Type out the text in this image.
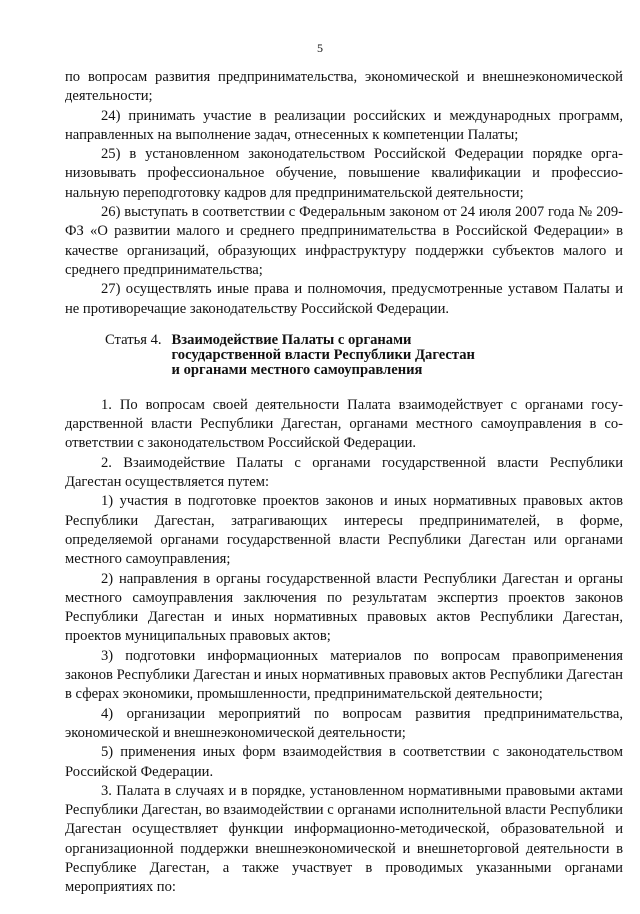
5

по вопросам развития предпринимательства, экономической и внешнеэкономической деятельности;

24) принимать участие в реализации российских и международных программ, направленных на выполнение задач, отнесенных к компетенции Палаты;

25) в установленном законодательством Российской Федерации порядке организовывать профессиональное обучение, повышение квалификации и профессиональную переподготовку кадров для предпринимательской деятельности;

26) выступать в соответствии с Федеральным законом от 24 июля 2007 года № 209-ФЗ «О развитии малого и среднего предпринимательства в Российской Федерации» в качестве организаций, образующих инфраструктуру поддержки субъектов малого и среднего предпринимательства;

27) осуществлять иные права и полномочия, предусмотренные уставом Палаты и не противоречащие законодательству Российской Федерации.

Статья 4. Взаимодействие Палаты с органами
государственной власти Республики Дагестан
и органами местного самоуправления

1. По вопросам своей деятельности Палата взаимодействует с органами государственной власти Республики Дагестан, органами местного самоуправления в соответствии с законодательством Российской Федерации.

2. Взаимодействие Палаты с органами государственной власти Республики Дагестан осуществляется путем:

1) участия в подготовке проектов законов и иных нормативных правовых актов Республики Дагестан, затрагивающих интересы предпринимателей, в форме, определяемой органами государственной власти Республики Дагестан или органами местного самоуправления;

2) направления в органы государственной власти Республики Дагестан и органы местного самоуправления заключения по результатам экспертиз проектов законов Республики Дагестан и иных нормативных правовых актов Республики Дагестан, проектов муниципальных правовых актов;

3) подготовки информационных материалов по вопросам правоприменения законов Республики Дагестан и иных нормативных правовых актов Республики Дагестан в сферах экономики, промышленности, предпринимательской деятельности;

4) организации мероприятий по вопросам развития предпринимательства, экономической и внешнеэкономической деятельности;

5) применения иных форм взаимодействия в соответствии с законодательством Российской Федерации.

3. Палата в случаях и в порядке, установленном нормативными правовыми актами Республики Дагестан, во взаимодействии с органами исполнительной власти Республики Дагестан осуществляет функции информационно-методической, образовательной и организационной поддержки внешнеэкономической и внешнеторговой деятельности в Республике Дагестан, а также участвует в проводимых указанными органами мероприятиях по:
